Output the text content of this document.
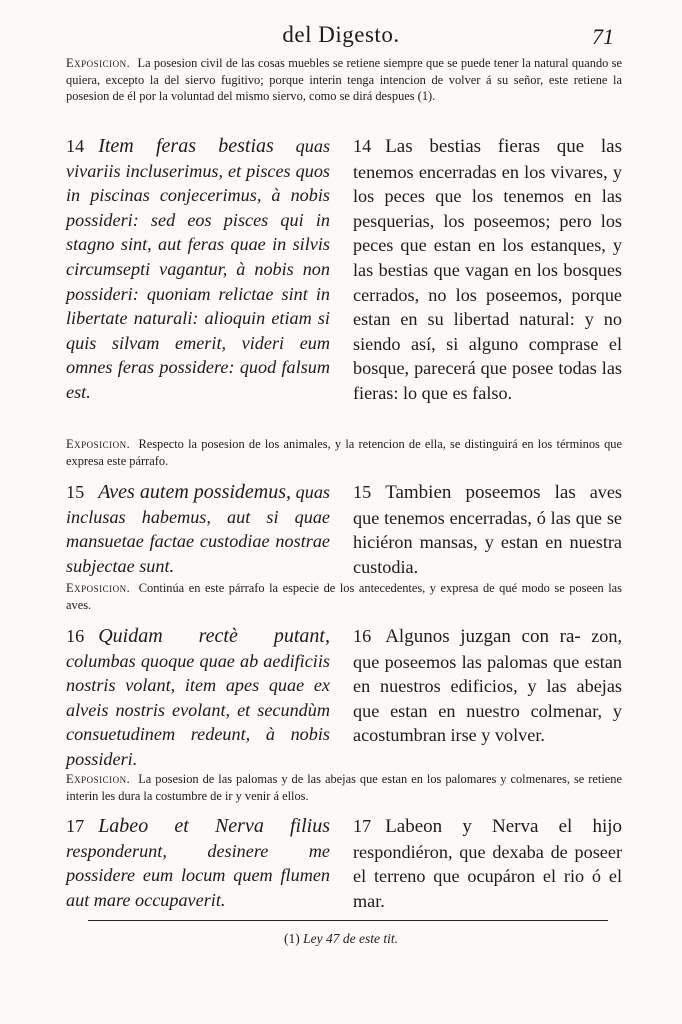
del Digesto.	71
Exposicion. La posesion civil de las cosas muebles se retiene siempre que se puede tener la natural quando se quiera, excepto la del siervo fugitivo; porque interin tenga intencion de volver á su señor, este retiene la posesion de él por la voluntad del mismo siervo, como se dirá despues (1).
14 Item feras bestias quas vivariis incluserimus, et pisces quos in piscinas conjecerimus, à nobis possideri: sed eos pisces qui in stagno sint, aut feras quae in silvis circumsepti vagantur, à nobis non possideri: quoniam relictae sint in libertate naturali: alioquin etiam si quis silvam emerit, videri eum omnes feras possidere: quod falsum est.
14 Las bestias fieras que las tenemos encerradas en los vivares, y los peces que los tenemos en las pesquerias, los poseemos; pero los peces que estan en los estanques, y las bestias que vagan en los bosques cerrados, no los poseemos, porque estan en su libertad natural: y no siendo así, si alguno comprase el bosque, parecerá que posee todas las fieras: lo que es falso.
Exposicion. Respecto la posesion de los animales, y la retencion de ella, se distinguirá en los términos que expresa este párrafo.
15 Aves autem possidemus, quas inclusas habemus, aut si quae mansuetae factae custodiae nostrae subjectae sunt.
15 Tambien poseemos las aves que tenemos encerradas, ó las que se hiciéron mansas, y estan en nuestra custodia.
Exposicion. Continúa en este párrafo la especie de los antecedentes, y expresa de qué modo se poseen las aves.
16 Quidam rectè putant, columbas quoque quae ab aedificiis nostris volant, item apes quae ex alveis nostris evolant, et secundùm consuetudinem redeunt, à nobis possideri.
16 Algunos juzgan con ra- zon, que poseemos las palomas que estan en nuestros edificios, y las abejas que estan en nuestro colmenar, y acostumbran irse y volver.
Exposicion. La posesion de las palomas y de las abejas que estan en los palomares y colmenares, se retiene interin les dura la costumbre de ir y venir á ellos.
17 Labeo et Nerva filius responderunt, desinere me possidere eum locum quem flumen aut mare occupaverit.
17 Labeon y Nerva el hijo respondiéron, que dexaba de poseer el terreno que ocupáron el rio ó el mar.
(1) Ley 47 de este tit.
